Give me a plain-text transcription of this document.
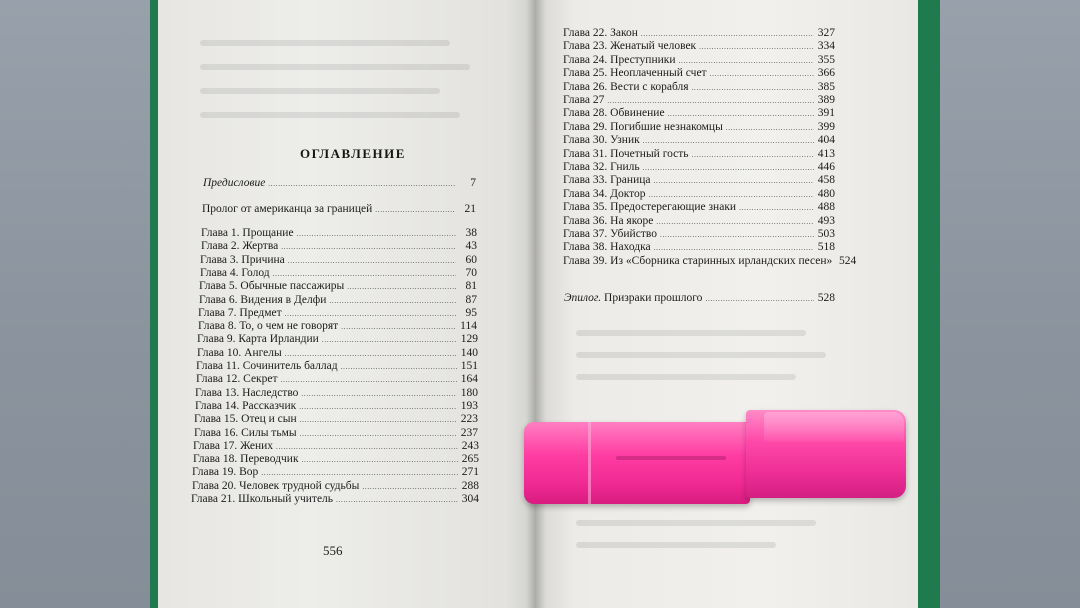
ОГЛАВЛЕНИЕ
Предисловие . . .	7
Пролог от американца за границей . . .	21
Глава 1. Прощание . . .	38
Глава 2. Жертва . . .	43
Глава 3. Причина . . .	60
Глава 4. Голод . . .	70
Глава 5. Обычные пассажиры . . .	81
Глава 6. Видения в Делфи . . .	87
Глава 7. Предмет . . .	95
Глава 8. То, о чем не говорят . . .	114
Глава 9. Карта Ирландии . . .	129
Глава 10. Ангелы . . .	140
Глава 11. Сочинитель баллад . . .	151
Глава 12. Секрет . . .	164
Глава 13. Наследство . . .	180
Глава 14. Рассказчик . . .	193
Глава 15. Отец и сын . . .	223
Глава 16. Силы тьмы . . .	237
Глава 17. Жених . . .	243
Глава 18. Переводчик . . .	265
Глава 19. Вор . . .	271
Глава 20. Человек трудной судьбы . . .	288
Глава 21. Школьный учитель . . .	304
Глава 22. Закон . . .	327
Глава 23. Женатый человек . . .	334
Глава 24. Преступники . . .	355
Глава 25. Неоплаченный счет . . .	366
Глава 26. Вести с корабля . . .	385
Глава 27 . . .	389
Глава 28. Обвинение . . .	391
Глава 29. Погибшие незнакомцы . . .	399
Глава 30. Узник . . .	404
Глава 31. Почетный гость . . .	413
Глава 32. Гниль . . .	446
Глава 33. Граница . . .	458
Глава 34. Доктор . . .	480
Глава 35. Предостерегающие знаки . . .	488
Глава 36. На якоре . . .	493
Глава 37. Убийство . . .	503
Глава 38. Находка . . .	518
Глава 39. Из «Сборника старинных ирландских песен» 524
Эпилог. Призраки прошлого . . .	528
556
